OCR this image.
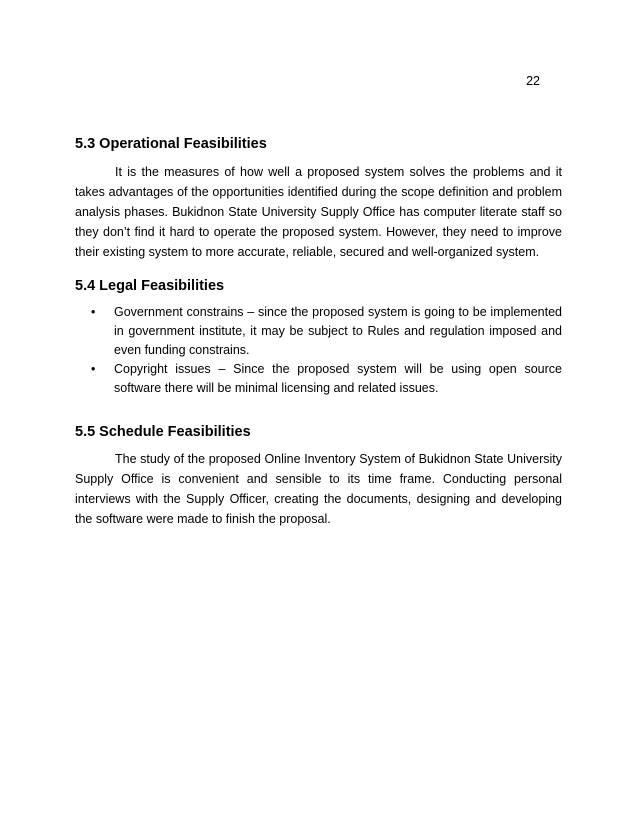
22
5.3 Operational Feasibilities

It is the measures of how well a proposed system solves the problems and it takes advantages of the opportunities identified during the scope definition and problem analysis phases. Bukidnon State University Supply Office has computer literate staff so they don’t find it hard to operate the proposed system. However, they need to improve their existing system to more accurate, reliable, secured and well-organized system.

5.4 Legal Feasibilities
• Government constrains – since the proposed system is going to be implemented in government institute, it may be subject to Rules and regulation imposed and even funding constrains.
• Copyright issues – Since the proposed system will be using open source software there will be minimal licensing and related issues.
5.5 Schedule Feasibilities

The study of the proposed Online Inventory System of Bukidnon State University Supply Office is convenient and sensible to its time frame. Conducting personal interviews with the Supply Officer, creating the documents, designing and developing the software were made to finish the proposal.
